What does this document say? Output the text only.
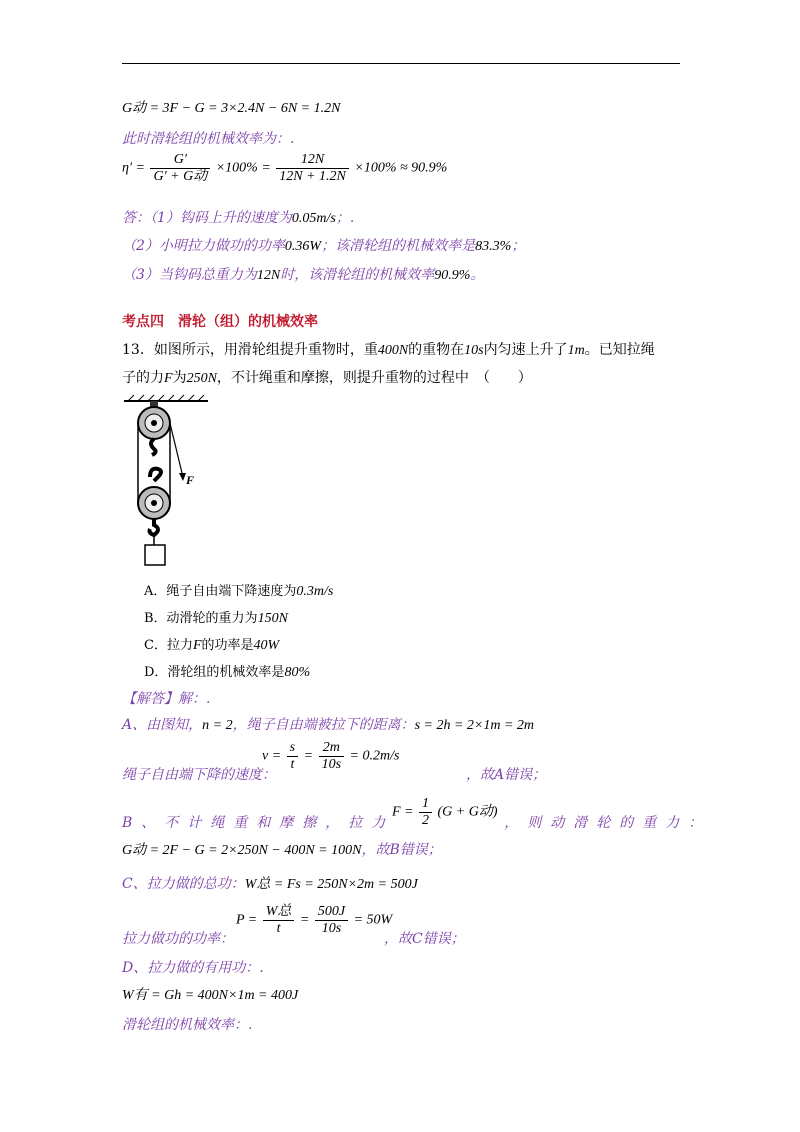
G动 = 3F − G = 3×2.4N − 6N = 1.2N
此时滑轮组的机械效率为：.
$\eta' = \frac{G'}{\text{G′ + G动}} \times 100\% = \frac{12N}{12N + 1.2N} \times 100\% \approx 90.9\%$
答：（1）钩码上升的速度为0.05m/s；.
（2）小明拉力做功的功率0.36W；该滑轮组的机械效率是83.3%；
（3）当钩码总重力为12N时，该滑轮组的机械效率90.9%。
考点四　滑轮（组）的机械效率
13．如图所示，用滑轮组提升重物时，重400N的重物在10s内匀速上升了1m。已知拉绳
子的力F为250N，不计绳重和摩擦，则提升重物的过程中　（　　）
F
A．绳子自由端下降速度为0.3m/s
B．动滑轮的重力为150N
C．拉力F的功率是40W
D．滑轮组的机械效率是80%
【解答】解：.
A、由图知，n = 2，绳子自由端被拉下的距离：s = 2h = 2×1m = 2m
$v = \frac{s}{t} = \frac{2m}{10s} = 0.2m/s$
绳子自由端下降的速度：	，故A错误；
$F = \frac{1}{2} (G + G$动)
B、不计绳重和摩擦，拉力	，则动滑轮的重力：
G动 = 2F − G = 2×250N − 400N = 100N，故B错误；
C、拉力做的总功：W总 = Fs = 250N×2m = 500J
$P = \frac{\text{W总}}{t} = \frac{500J}{10s} = 50W$
拉力做功的功率：	，故C错误；
D、拉力做的有用功：.
W有 = Gh = 400N×1m = 400J
滑轮组的机械效率：.
